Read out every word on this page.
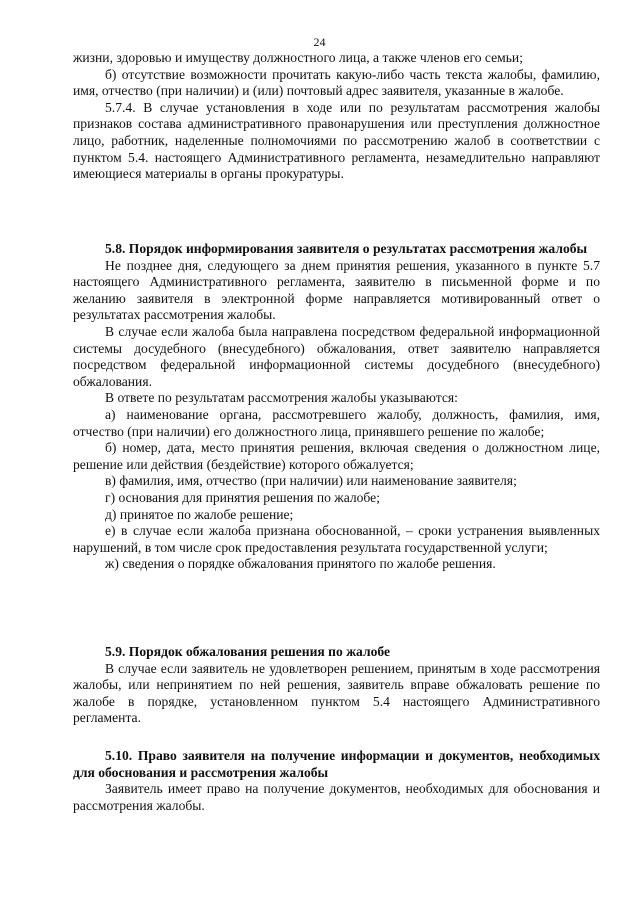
24

жизни, здоровью и имуществу должностного лица, а также членов его семьи;

б) отсутствие возможности прочитать какую-либо часть текста жалобы, фамилию, имя, отчество (при наличии) и (или) почтовый адрес заявителя, указанные в жалобе.

5.7.4. В случае установления в ходе или по результатам рассмотрения жалобы признаков состава административного правонарушения или преступления должностное лицо, работник, наделенные полномочиями по рассмотрению жалоб в соответствии с пунктом 5.4. настоящего Административного регламента, незамедлительно направляют имеющиеся материалы в органы прокуратуры.

5.8. Порядок информирования заявителя о результатах рассмотрения жалобы

Не позднее дня, следующего за днем принятия решения, указанного в пункте 5.7 настоящего Административного регламента, заявителю в письменной форме и по желанию заявителя в электронной форме направляется мотивированный ответ о результатах рассмотрения жалобы.

В случае если жалоба была направлена посредством федеральной информационной системы досудебного (внесудебного) обжалования, ответ заявителю направляется посредством федеральной информационной системы досудебного (внесудебного) обжалования.

В ответе по результатам рассмотрения жалобы указываются:

а) наименование органа, рассмотревшего жалобу, должность, фамилия, имя, отчество (при наличии) его должностного лица, принявшего решение по жалобе;

б) номер, дата, место принятия решения, включая сведения о должностном лице, решение или действия (бездействие) которого обжалуется;

в) фамилия, имя, отчество (при наличии) или наименование заявителя;

г) основания для принятия решения по жалобе;

д) принятое по жалобе решение;

е) в случае если жалоба признана обоснованной, – сроки устранения выявленных нарушений, в том числе срок предоставления результата государственной услуги;

ж) сведения о порядке обжалования принятого по жалобе решения.

5.9. Порядок обжалования решения по жалобе

В случае если заявитель не удовлетворен решением, принятым в ходе рассмотрения жалобы, или непринятием по ней решения, заявитель вправе обжаловать решение по жалобе в порядке, установленном пунктом 5.4 настоящего Административного регламента.

5.10. Право заявителя на получение информации и документов, необходимых для обоснования и рассмотрения жалобы

Заявитель имеет право на получение документов, необходимых для обоснования и рассмотрения жалобы.
